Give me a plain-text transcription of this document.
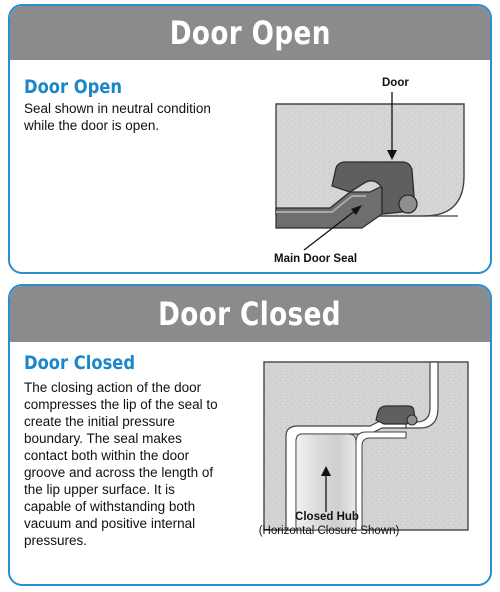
Door Open
Door Open
Seal shown in neutral condition while the door is open.
Door
Main Door Seal
Door Closed
Door Closed
The closing action of the door compresses the lip of the seal to create the initial pressure boundary. The seal makes contact both within the door groove and across the length of the lip upper surface. It is capable of withstanding both vacuum and positive internal pressures.
Closed Hub
(Horizontal Closure Shown)
